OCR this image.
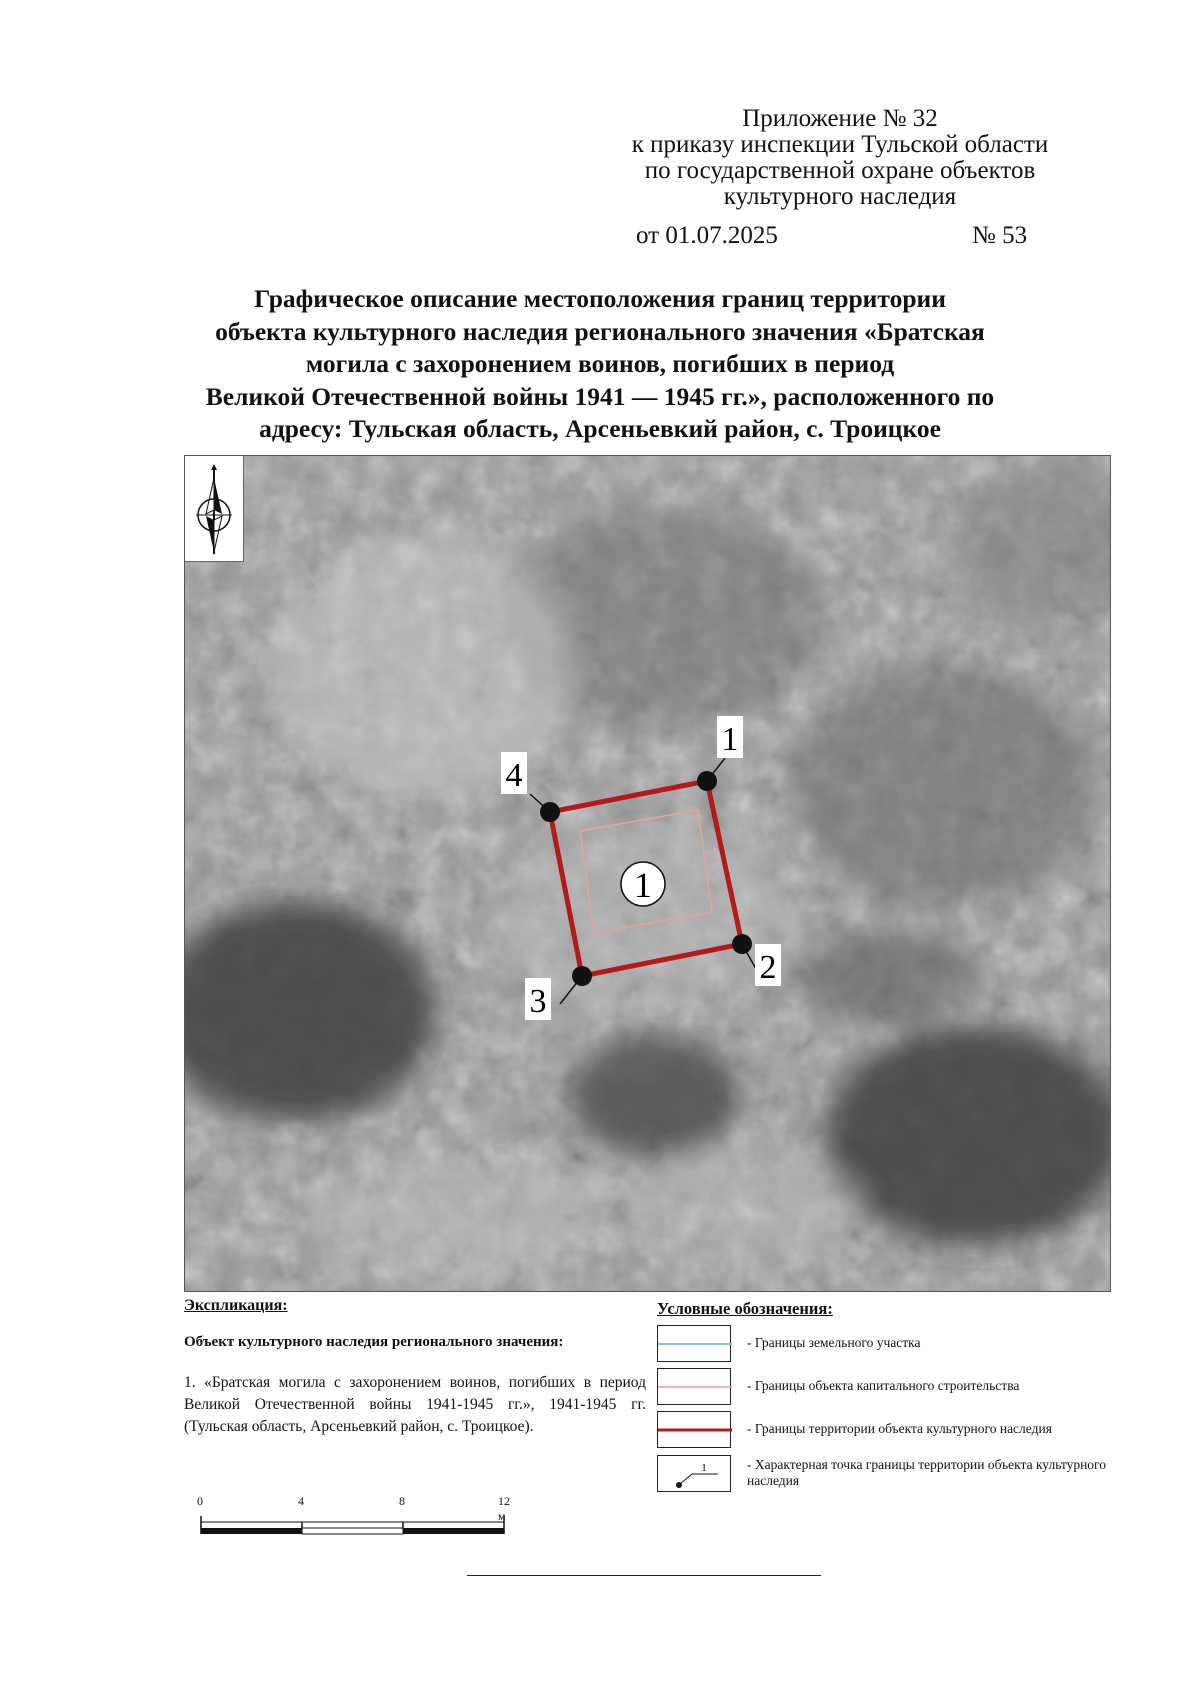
Приложение № 32
к приказу инспекции Тульской области
по государственной охране объектов
культурного наследия
от 01.07.2025	№ 53
Графическое описание местоположения границ территории
объекта культурного наследия регионального значения «Братская
могила с захоронением воинов, погибших в период
Великой Отечественной войны 1941 — 1945 гг.», расположенного по
адресу: Тульская область, Арсеньевкий район, с. Троицкое
1
2
3
4
1
Экспликация:
Объект культурного наследия регионального значения:
1. «Братская могила с захоронением воинов, погибших в период Великой Отечественной войны 1941-1945 гг.», 1941-1945 гг. (Тульская область, Арсеньевкий район, с. Троицкое).
Условные обозначения:
- Границы земельного участка
- Границы объекта капитального строительства
- Границы территории объекта культурного наследия
1	- Характерная точка границы территории объекта культурного наследия
0	4	8	12 м
